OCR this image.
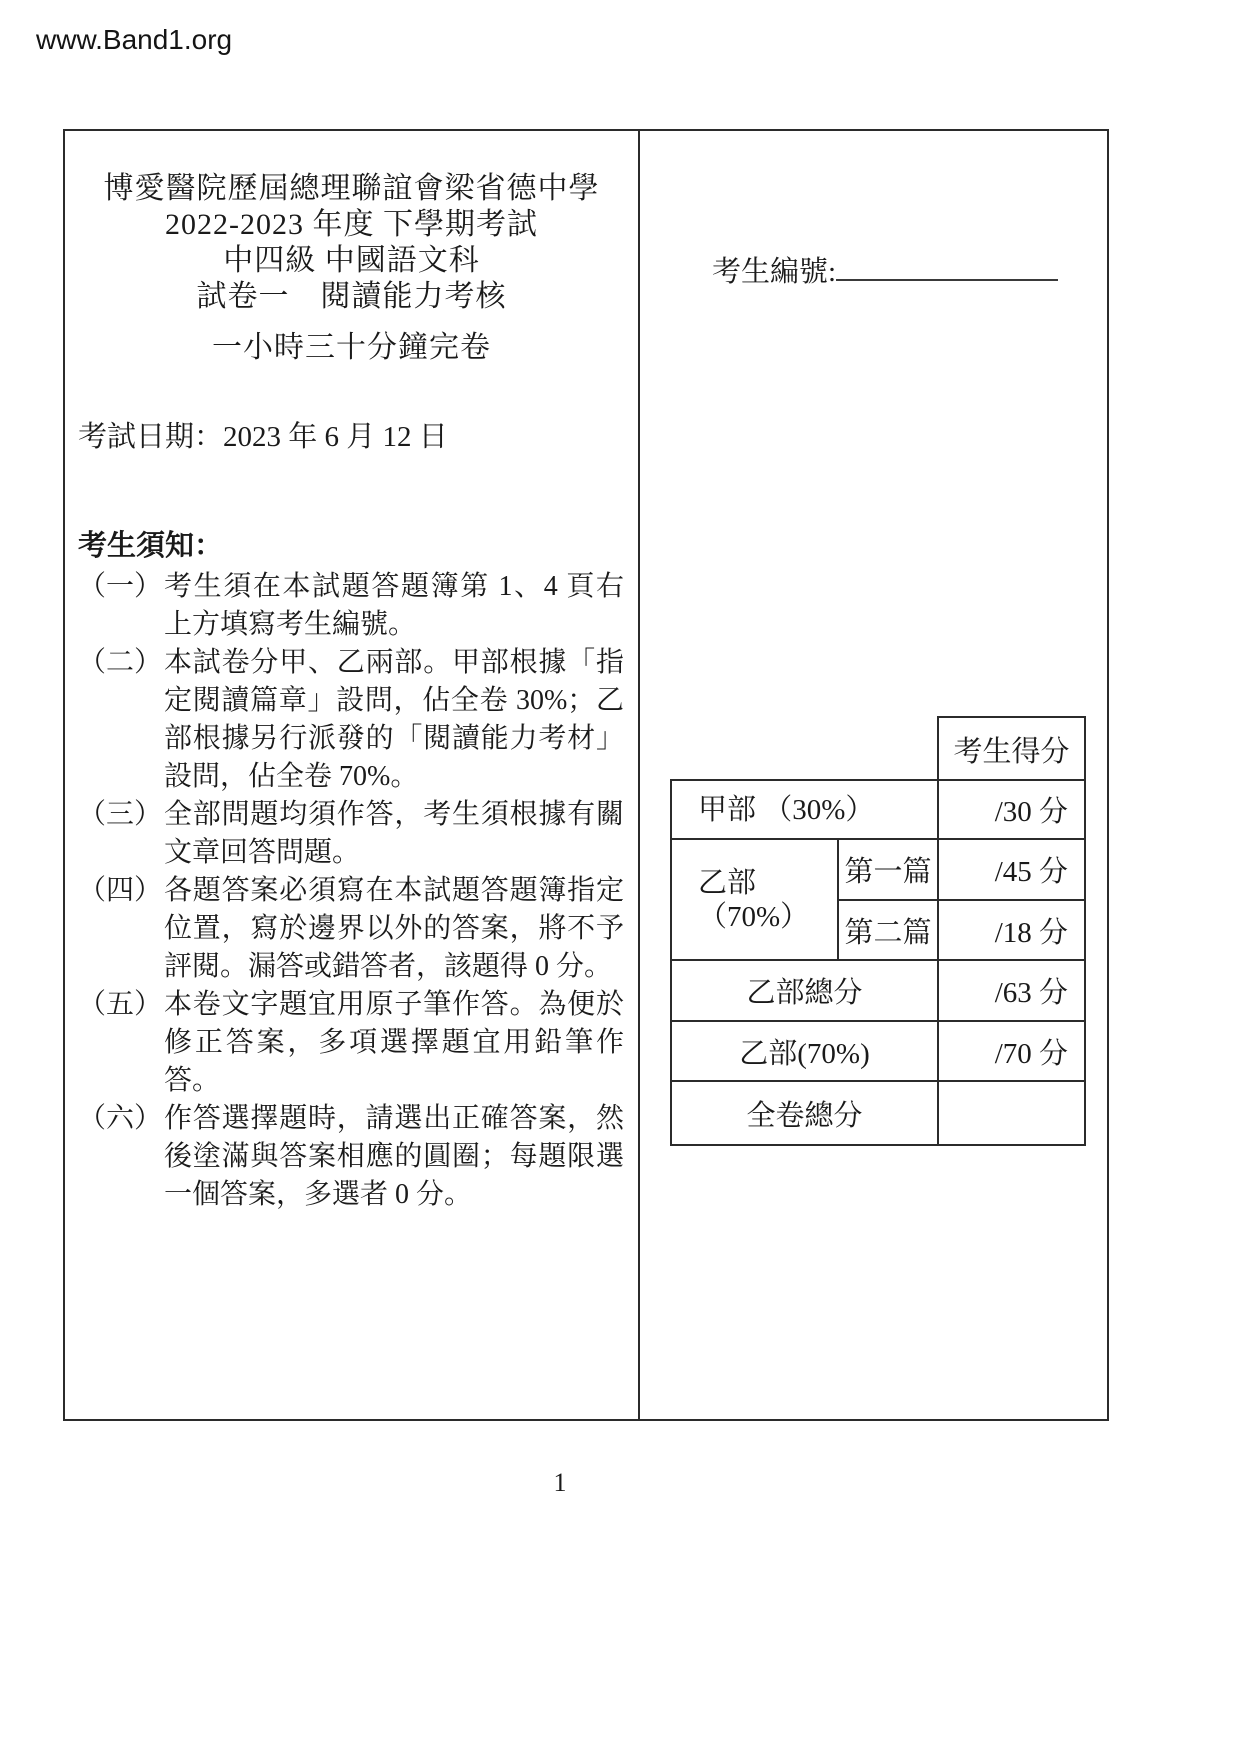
www.Band1.org
博愛醫院歷屆總理聯誼會梁省德中學
2022-2023 年度 下學期考試
中四級 中國語文科
試卷一　閱讀能力考核
一小時三十分鐘完卷
考試日期：2023 年 6 月 12 日
考生須知：
（一） 考生須在本試題答題簿第 1、4 頁右上方填寫考生編號。
（二） 本試卷分甲、乙兩部。甲部根據「指定閱讀篇章」設問，佔全卷 30%；乙部根據另行派發的「閱讀能力考材」設問，佔全卷 70%。
（三） 全部問題均須作答，考生須根據有關文章回答問題。
（四） 各題答案必須寫在本試題答題簿指定位置，寫於邊界以外的答案，將不予評閱。漏答或錯答者，該題得 0 分。
（五） 本卷文字題宜用原子筆作答。為便於修正答案，多項選擇題宜用鉛筆作答。
（六） 作答選擇題時，請選出正確答案，然後塗滿與答案相應的圓圈；每題限選一個答案，多選者 0 分。
考生編號:
考生得分
甲部 （30%）		/30 分

乙部
（70%）	第一篇	/45 分
	第二篇	/18 分
乙部總分		/63 分
乙部(70%)		/70 分
全卷總分		
1
